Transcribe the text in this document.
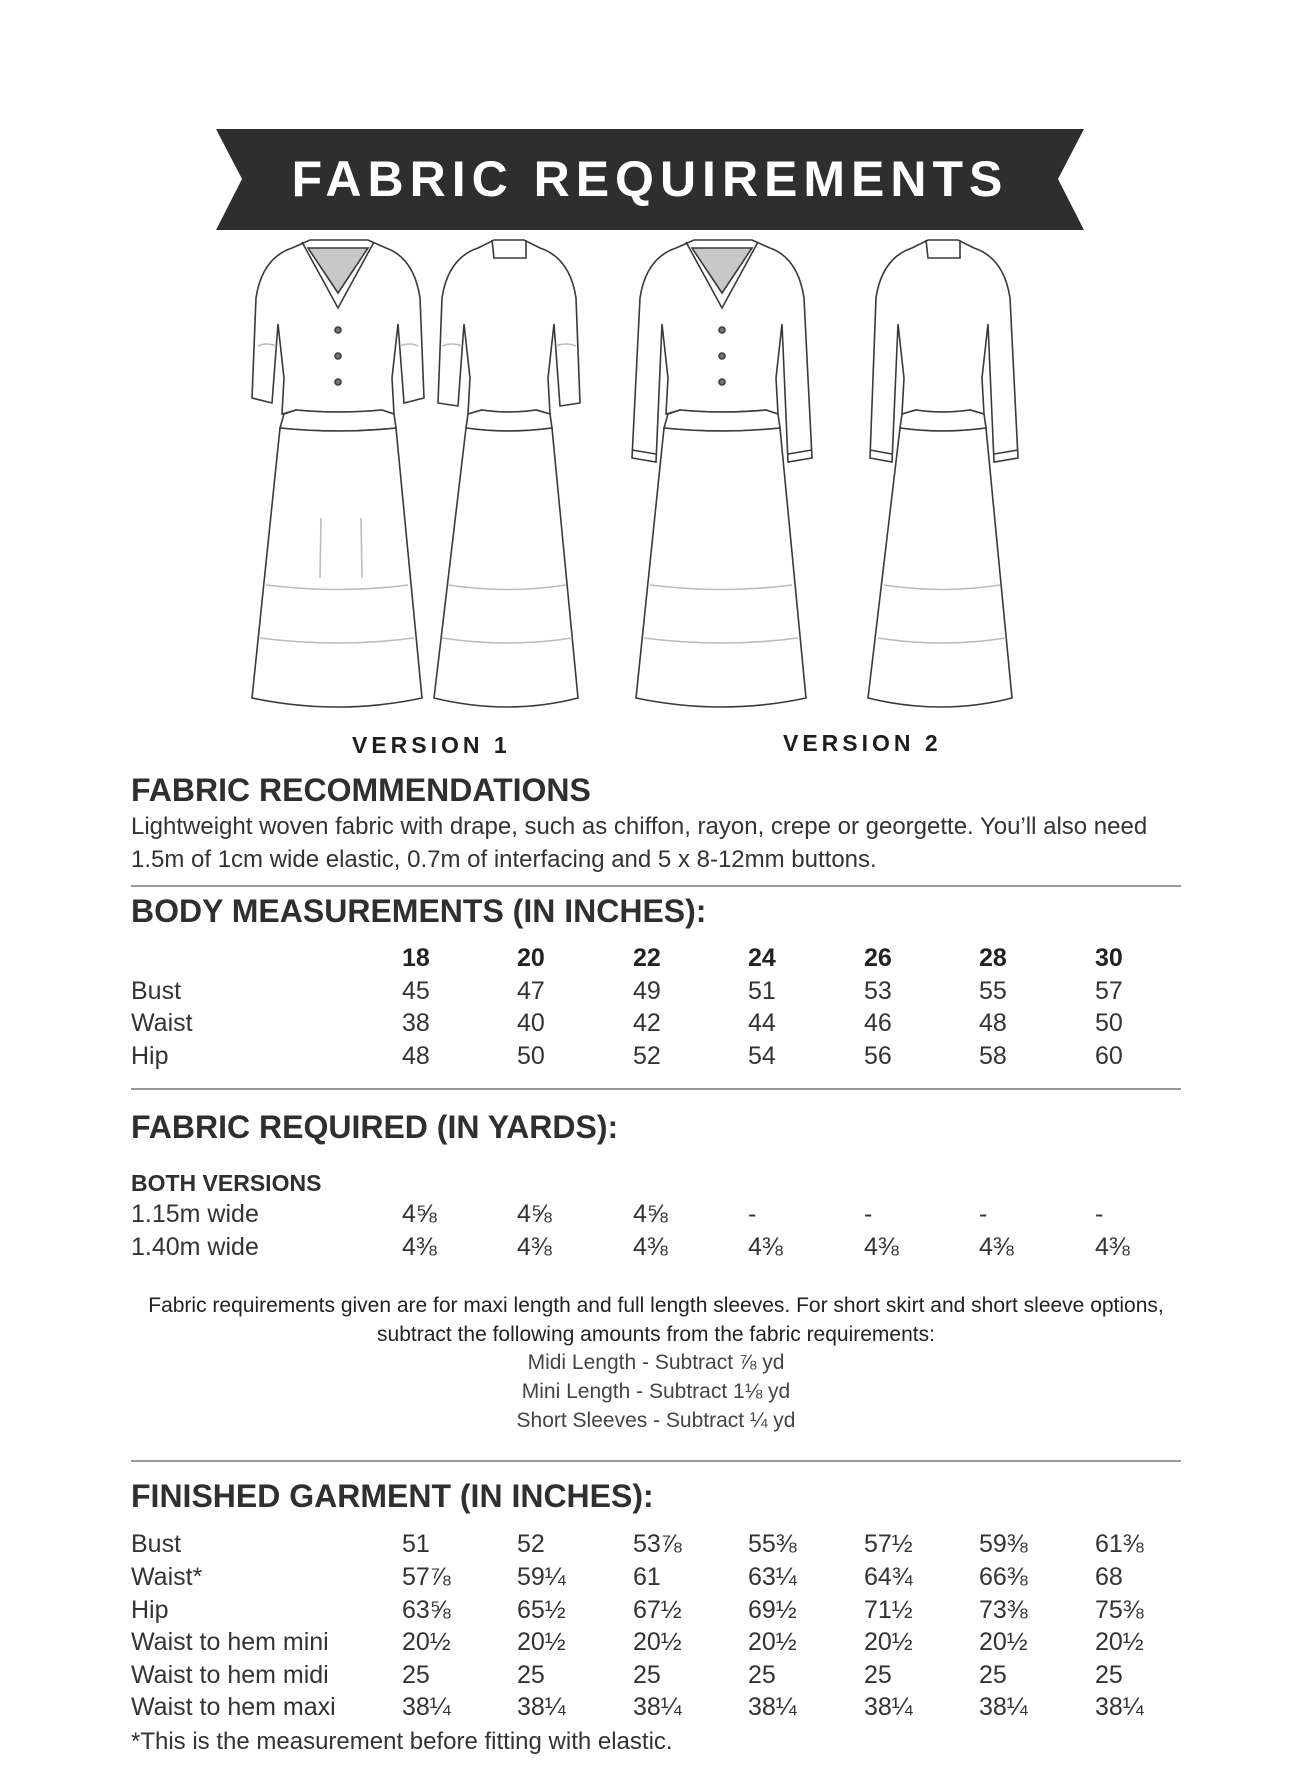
FABRIC REQUIREMENTS
VERSION 1	VERSION 2
FABRIC RECOMMENDATIONS
Lightweight woven fabric with drape, such as chiffon, rayon, crepe or georgette. You’ll also need
1.5m of 1cm wide elastic, 0.7m of interfacing and 5 x 8-12mm buttons.
BODY MEASUREMENTS (IN INCHES):
18	20	22	24	26	28	30
Bust	45	47	49	51	53	55	57
Waist	38	40	42	44	46	48	50
Hip	48	50	52	54	56	58	60
FABRIC REQUIRED (IN YARDS):
BOTH VERSIONS
1.15m wide	4⅝	4⅝	4⅝	-	-	-	-
1.40m wide	4⅜	4⅜	4⅜	4⅜	4⅜	4⅜	4⅜
Fabric requirements given are for maxi length and full length sleeves. For short skirt and short sleeve options,
subtract the following amounts from the fabric requirements:
Midi Length - Subtract ⅞ yd
Mini Length - Subtract 1⅛ yd
Short Sleeves - Subtract ¼ yd
FINISHED GARMENT (IN INCHES):
Bust	51	52	53⅞	55⅜	57½	59⅜	61⅜
Waist*	57⅞	59¼	61	63¼	64¾	66⅜	68
Hip	63⅝	65½	67½	69½	71½	73⅜	75⅜
Waist to hem mini	20½	20½	20½	20½	20½	20½	20½
Waist to hem midi	25	25	25	25	25	25	25
Waist to hem maxi	38¼	38¼	38¼	38¼	38¼	38¼	38¼
*This is the measurement before fitting with elastic.
